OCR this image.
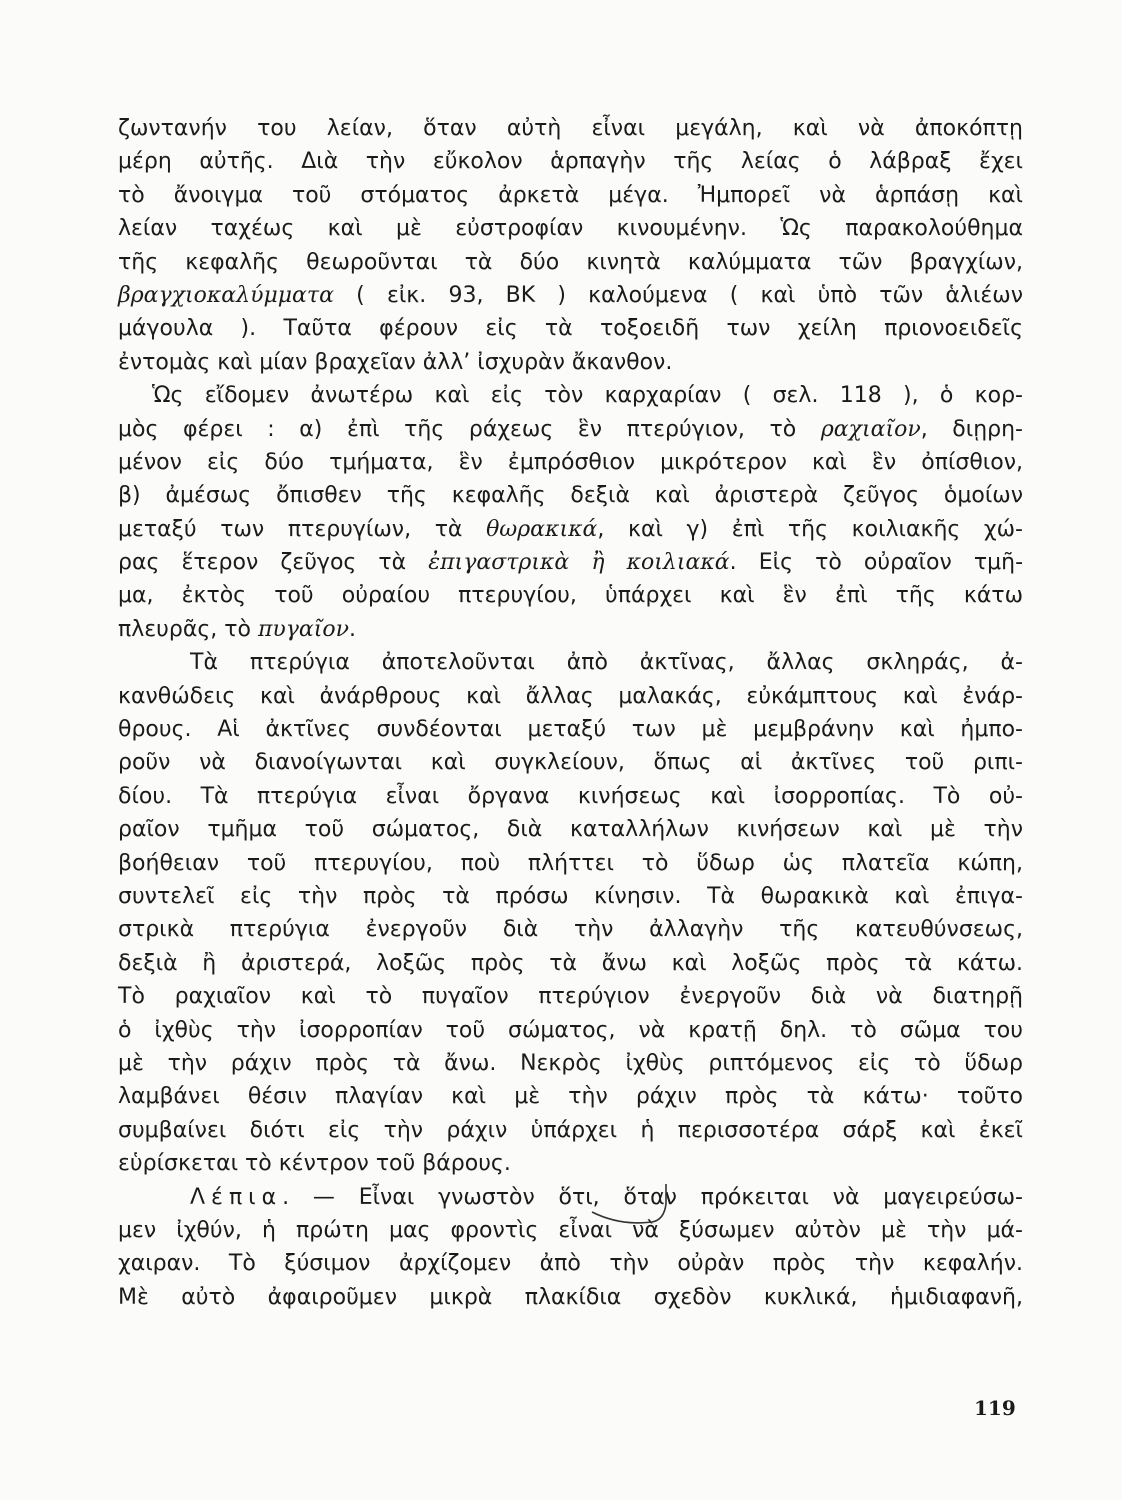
ζωντανήν του λείαν, ὅταν αὐτὴ εἶναι μεγάλη, καὶ νὰ ἀποκόπτῃ
μέρη αὐτῆς. Διὰ τὴν εὔκολον ἁρπαγὴν τῆς λείας ὁ λάβραξ ἔχει
τὸ ἄνοιγμα τοῦ στόματος ἀρκετὰ μέγα. Ἠμπορεῖ νὰ ἁρπάσῃ καὶ
λείαν ταχέως καὶ μὲ εὐστροφίαν κινουμένην. Ὡς παρακολούθημα
τῆς κεφαλῆς θεωροῦνται τὰ δύο κινητὰ καλύμματα τῶν βραγχίων,
βραγχιοκαλύμματα ( εἰκ. 93, ΒΚ ) καλούμενα ( καὶ ὑπὸ τῶν ἁλιέων
μάγουλα ). Ταῦτα φέρουν εἰς τὰ τοξοειδῆ των χείλη πριονοειδεῖς
ἐντομὰς καὶ μίαν βραχεῖαν ἀλλ’ ἰσχυρὰν ἄκανθον.
Ὡς εἴδομεν ἀνωτέρω καὶ εἰς τὸν καρχαρίαν ( σελ. 118 ), ὁ κορ-
μὸς φέρει : α) ἐπὶ τῆς ράχεως ἓν πτερύγιον, τὸ ραχιαῖον, διῃρη-
μένον εἰς δύο τμήματα, ἓν ἐμπρόσθιον μικρότερον καὶ ἓν ὀπίσθιον,
β) ἀμέσως ὄπισθεν τῆς κεφαλῆς δεξιὰ καὶ ἀριστερὰ ζεῦγος ὁμοίων
μεταξύ των πτερυγίων, τὰ θωρακικά, καὶ γ) ἐπὶ τῆς κοιλιακῆς χώ-
ρας ἕτερον ζεῦγος τὰ ἐπιγαστρικὰ ἢ κοιλιακά. Εἰς τὸ οὐραῖον τμῆ-
μα, ἐκτὸς τοῦ οὐραίου πτερυγίου, ὑπάρχει καὶ ἓν ἐπὶ τῆς κάτω
πλευρᾶς, τὸ πυγαῖον.
Τὰ πτερύγια ἀποτελοῦνται ἀπὸ ἀκτῖνας, ἄλλας σκληράς, ἀ-
κανθώδεις καὶ ἀνάρθρους καὶ ἄλλας μαλακάς, εὐκάμπτους καὶ ἐνάρ-
θρους. Αἱ ἀκτῖνες συνδέονται μεταξύ των μὲ μεμβράνην καὶ ἠμπο-
ροῦν νὰ διανοίγωνται καὶ συγκλείουν, ὅπως αἱ ἀκτῖνες τοῦ ριπι-
δίου. Τὰ πτερύγια εἶναι ὄργανα κινήσεως καὶ ἰσορροπίας. Τὸ οὐ-
ραῖον τμῆμα τοῦ σώματος, διὰ καταλλήλων κινήσεων καὶ μὲ τὴν
βοήθειαν τοῦ πτερυγίου, ποὺ πλήττει τὸ ὕδωρ ὡς πλατεῖα κώπη,
συντελεῖ εἰς τὴν πρὸς τὰ πρόσω κίνησιν. Τὰ θωρακικὰ καὶ ἐπιγα-
στρικὰ πτερύγια ἐνεργοῦν διὰ τὴν ἀλλαγὴν τῆς κατευθύνσεως,
δεξιὰ ἢ ἀριστερά, λοξῶς πρὸς τὰ ἄνω καὶ λοξῶς πρὸς τὰ κάτω.
Τὸ ραχιαῖον καὶ τὸ πυγαῖον πτερύγιον ἐνεργοῦν διὰ νὰ διατηρῇ
ὁ ἰχθὺς τὴν ἰσορροπίαν τοῦ σώματος, νὰ κρατῇ δηλ. τὸ σῶμα του
μὲ τὴν ράχιν πρὸς τὰ ἄνω. Νεκρὸς ἰχθὺς ριπτόμενος εἰς τὸ ὕδωρ
λαμβάνει θέσιν πλαγίαν καὶ μὲ τὴν ράχιν πρὸς τὰ κάτω· τοῦτο
συμβαίνει διότι εἰς τὴν ράχιν ὑπάρχει ἡ περισσοτέρα σάρξ καὶ ἐκεῖ
εὑρίσκεται τὸ κέντρον τοῦ βάρους.
Λέπια. — Εἶναι γνωστὸν ὅτι, ὅταν πρόκειται νὰ μαγειρεύσω-
μεν ἰχθύν, ἡ πρώτη μας φροντὶς εἶναι νὰ ξύσωμεν αὐτὸν μὲ τὴν μά-
χαιραν. Τὸ ξύσιμον ἀρχίζομεν ἀπὸ τὴν οὐρὰν πρὸς τὴν κεφαλήν.
Μὲ αὐτὸ ἀφαιροῦμεν μικρὰ πλακίδια σχεδὸν κυκλικά, ἡμιδιαφανῆ,
119
